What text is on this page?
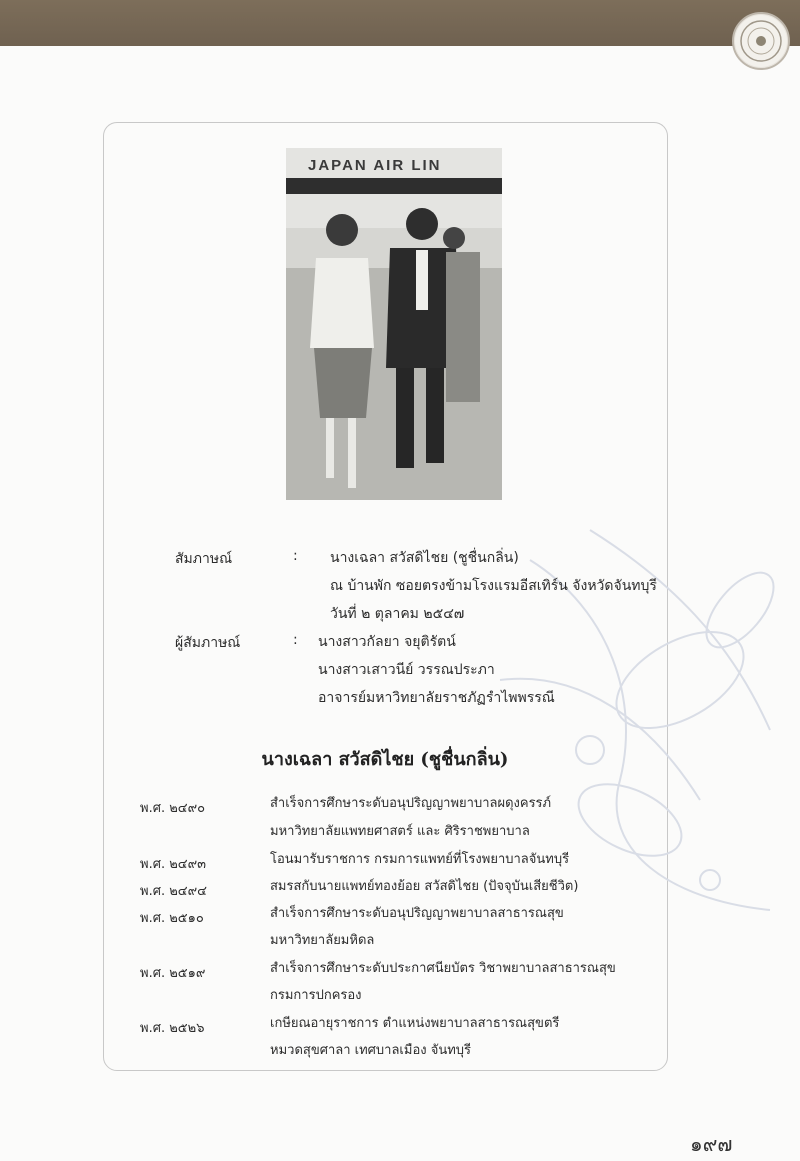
JAPAN AIR LIN
สัมภาษณ์	: นางเฉลา สวัสดิไชย (ชูชื่นกลิ่น)
ณ บ้านพัก ซอยตรงข้ามโรงแรมอีสเทิร์น จังหวัดจันทบุรี
วันที่ ๒ ตุลาคม ๒๕๔๗
ผู้สัมภาษณ์	: นางสาวกัลยา จยุติรัตน์
นางสาวเสาวนีย์ วรรณประภา
อาจารย์มหาวิทยาลัยราชภัฏรำไพพรรณี
นางเฉลา สวัสดิไชย (ชูชื่นกลิ่น)
พ.ศ. ๒๔๙๐	สำเร็จการศึกษาระดับอนุปริญญาพยาบาลผดุงครรภ์
มหาวิทยาลัยแพทยศาสตร์ และ ศิริราชพยาบาล
พ.ศ. ๒๔๙๓	โอนมารับราชการ กรมการแพทย์ที่โรงพยาบาลจันทบุรี
พ.ศ. ๒๔๙๔	สมรสกับนายแพทย์ทองย้อย สวัสดิไชย (ปัจจุบันเสียชีวิต)
พ.ศ. ๒๕๑๐	สำเร็จการศึกษาระดับอนุปริญญาพยาบาลสาธารณสุข
มหาวิทยาลัยมหิดล
พ.ศ. ๒๕๑๙	สำเร็จการศึกษาระดับประกาศนียบัตร วิชาพยาบาลสาธารณสุข
กรมการปกครอง
พ.ศ. ๒๕๒๖	เกษียณอายุราชการ ตำแหน่งพยาบาลสาธารณสุขตรี
หมวดสุขศาลา เทศบาลเมือง จันทบุรี
๑๙๗
